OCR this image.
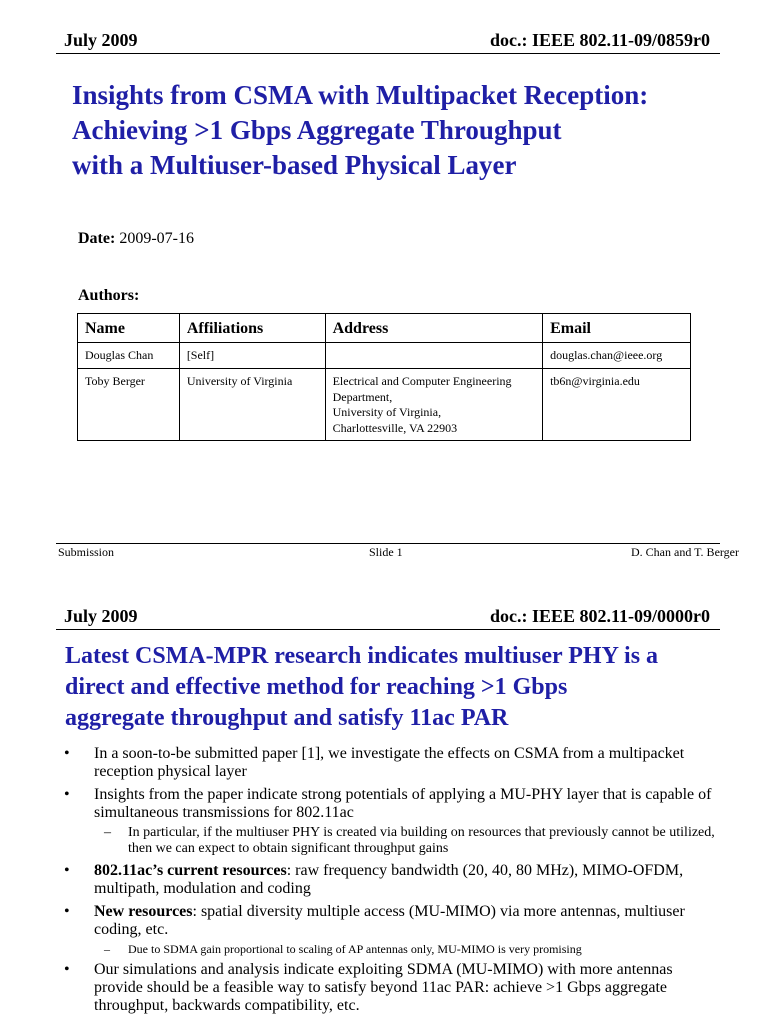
July 2009	doc.: IEEE 802.11-09/0859r0
Insights from CSMA with Multipacket Reception:
Achieving >1 Gbps Aggregate Throughput
with a Multiuser-based Physical Layer
Date: 2009-07-16
Authors:
Name	Affiliations	Address	Email
Douglas Chan	[Self]		douglas.chan@ieee.org
Toby Berger	University of Virginia	Electrical and Computer Engineering Department,
University of Virginia,
Charlottesville, VA 22903	tb6n@virginia.edu
Submission	Slide 1	D. Chan and T. Berger
July 2009	doc.: IEEE 802.11-09/0000r0
Latest CSMA-MPR research indicates multiuser PHY is a
direct and effective method for reaching >1 Gbps
aggregate throughput and satisfy 11ac PAR
• In a soon-to-be submitted paper [1], we investigate the effects on CSMA from a multipacket reception physical layer
• Insights from the paper indicate strong potentials of applying a MU-PHY layer that is capable of simultaneous transmissions for 802.11ac
– In particular, if the multiuser PHY is created via building on resources that previously cannot be utilized, then we can expect to obtain significant throughput gains
• 802.11ac’s current resources: raw frequency bandwidth (20, 40, 80 MHz), MIMO-OFDM, multipath, modulation and coding
• New resources: spatial diversity multiple access (MU-MIMO) via more antennas, multiuser coding, etc.
– Due to SDMA gain proportional to scaling of AP antennas only, MU-MIMO is very promising
• Our simulations and analysis indicate exploiting SDMA (MU-MIMO) with more antennas provide should be a feasible way to satisfy beyond 11ac PAR: achieve >1 Gbps aggregate throughput, backwards compatibility, etc.
